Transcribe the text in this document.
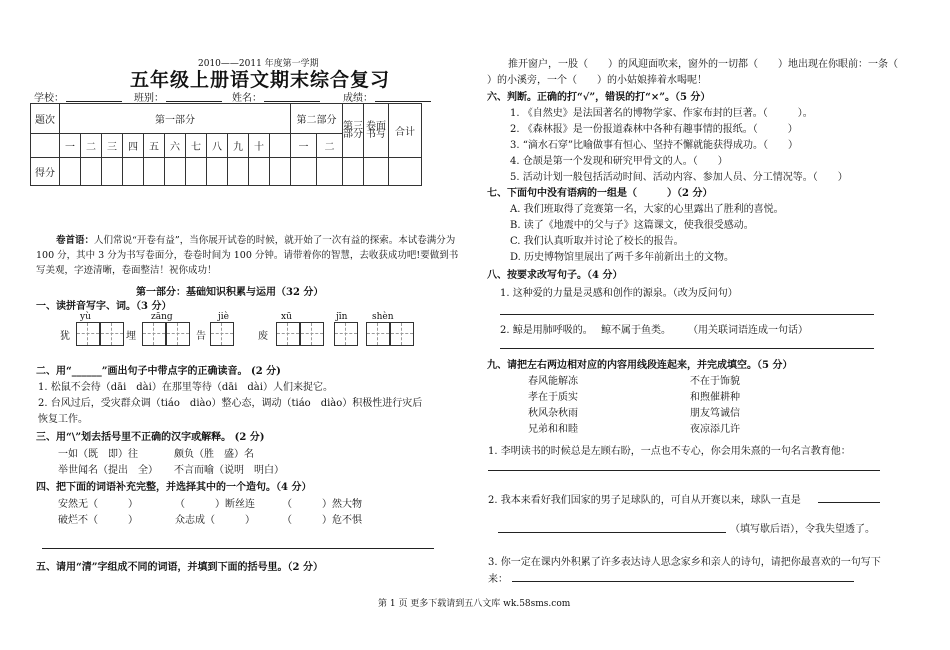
2010——2011 年度第一学期
五年级上册语文期末综合复习
学校：	班别：	姓名：	成绩：
题次	第一部分											第二部分		第三部分	卷面书写	合计
	一	二	三	四	五	六	七	八	九	十		一	二			
得分																
卷首语：人们常说“开卷有益”，当你展开试卷的时候，就开始了一次有益的探索。本试卷满分为 100 分，其中 3 分为书写卷面分，卷卷时间为 100 分钟。请带着你的智慧，去收获成功吧!要做到书写美观，字迹清晰，卷面整洁！祝你成功！
第一部分：基础知识积累与运用（32 分）
一、读拼音写字、词。（3 分）
yù	zāng	jiè	xū	jīn	shèn
犹	埋	告	废
二、用“______”画出句子中带点字的正确读音。 (2 分)
1. 松鼠不会待（dāi　dài）在那里等待（dāi　dài）人们来捉它。
2. 台风过后，受灾群众调（tiáo　diào）整心态，调动（tiáo　diào）积极性进行灾后
恢复工作。
三、用“\”划去括号里不正确的汉字或解释。 (2 分)
一如（既　即）往	颇负（胜　盛）名
举世闻名（提出　全） 不言而喻（说明　明白）
四、把下面的词语补充完整，并选择其中的一个造句。（4 分）
安然无（　　　）	（　　　）断丝连	（　　　）然大物
破烂不（　　　）	众志成（　　　）	（　　　）危不惧
五、请用“清”字组成不同的词语，并填到下面的括号里。（2 分）
推开窗户，一股（　　）的风迎面吹来，窗外的一切都（　　）地出现在你眼前：一条（
）的小溪旁，一个（　　）的小姑娘捧着水喝呢！
六、判断。正确的打“√”，错误的打“×”。（5 分）
1. 《自然史》是法国著名的博物学家、作家布封的巨著。（　　　）。
2. 《森林报》是一份报道森林中各种有趣事情的报纸。（　　　）
3. “滴水石穿”比喻做事有恒心、坚持不懈就能获得成功。（　　）
4. 仓颉是第一个发现和研究甲骨文的人。（　　）
5. 活动计划一般包括活动时间、活动内容、参加人员、分工情况等。（　　）
七、下面句中没有语病的一组是（　　　）（2 分）
A. 我们班取得了竞赛第一名，大家的心里露出了胜利的喜悦。
B. 读了《地震中的父与子》这篇课文，使我很受感动。
C. 我们认真听取并讨论了校长的报告。
D. 历史博物馆里展出了两千多年前新出土的文物。
八、按要求改写句子。（4 分）
1. 这种爱的力量是灵感和创作的源泉。（改为反问句）
2. 鲸是用肺呼吸的。 鲸不属于鱼类。 （用关联词语连成一句话）
九、请把左右两边相对应的内容用线段连起来，并完成填空。（5 分）
春风能解冻
孝在于质实
秋风杂秋雨
兄弟和和睦
不在于饰貌
和煦催耕种
朋友笃诚信
夜凉添几许
1. 李明读书的时候总是左顾右盼，一点也不专心，你会用朱熹的一句名言教育他：
2. 我本来看好我们国家的男子足球队的，可自从开赛以来，球队一直是
（填写歇后语），令我失望透了。
3. 你一定在课内外积累了许多表达诗人思念家乡和亲人的诗句，请把你最喜欢的一句写下
来：
第 1 页 更多下载请到五八文库 wk.58sms.com
